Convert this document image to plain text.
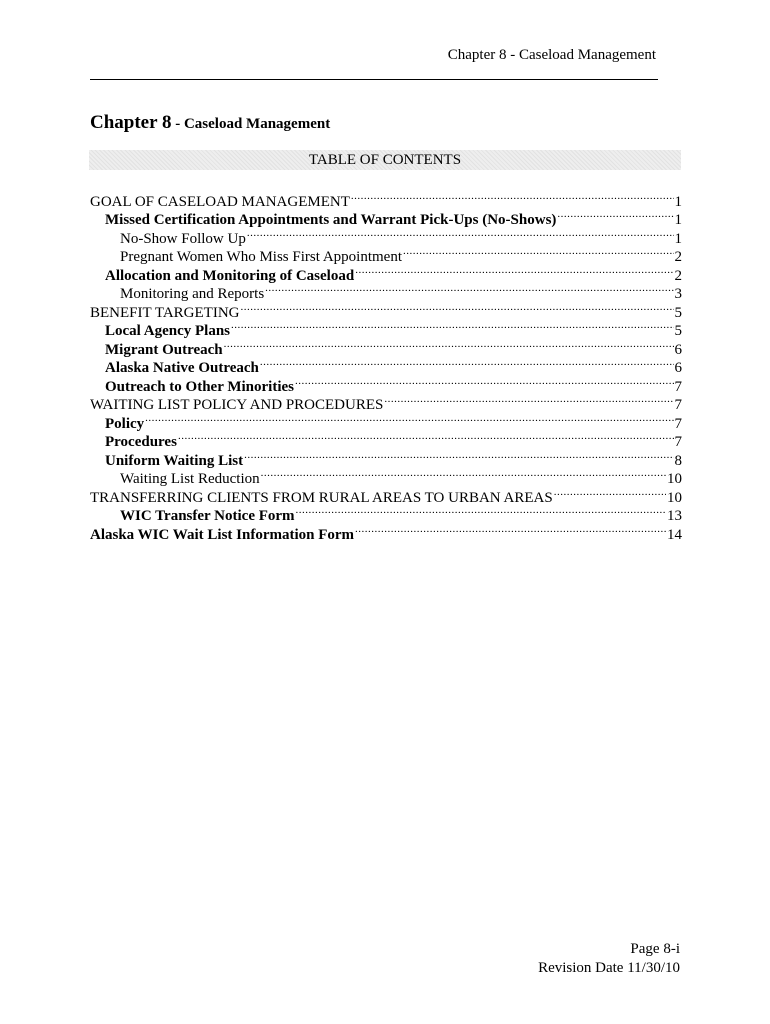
Chapter 8 - Caseload Management
Chapter 8 - Caseload Management
TABLE OF CONTENTS
GOAL OF CASELOAD MANAGEMENT .....	1
Missed Certification Appointments and Warrant Pick-Ups (No-Shows) .....	1
No-Show Follow Up .....	1
Pregnant Women Who Miss First Appointment .....	2
Allocation and Monitoring of Caseload .....	2
Monitoring and Reports .....	3
BENEFIT TARGETING .....	5
Local Agency Plans .....	5
Migrant Outreach .....	6
Alaska Native Outreach .....	6
Outreach to Other Minorities .....	7
WAITING LIST POLICY AND PROCEDURES .....	7
Policy .....	7
Procedures .....	7
Uniform Waiting List .....	8
Waiting List Reduction .....	10
TRANSFERRING CLIENTS FROM RURAL AREAS TO URBAN AREAS .....	10
WIC Transfer Notice Form .....	13
Alaska WIC Wait List Information Form .....	14
Page 8-i
Revision Date 11/30/10
